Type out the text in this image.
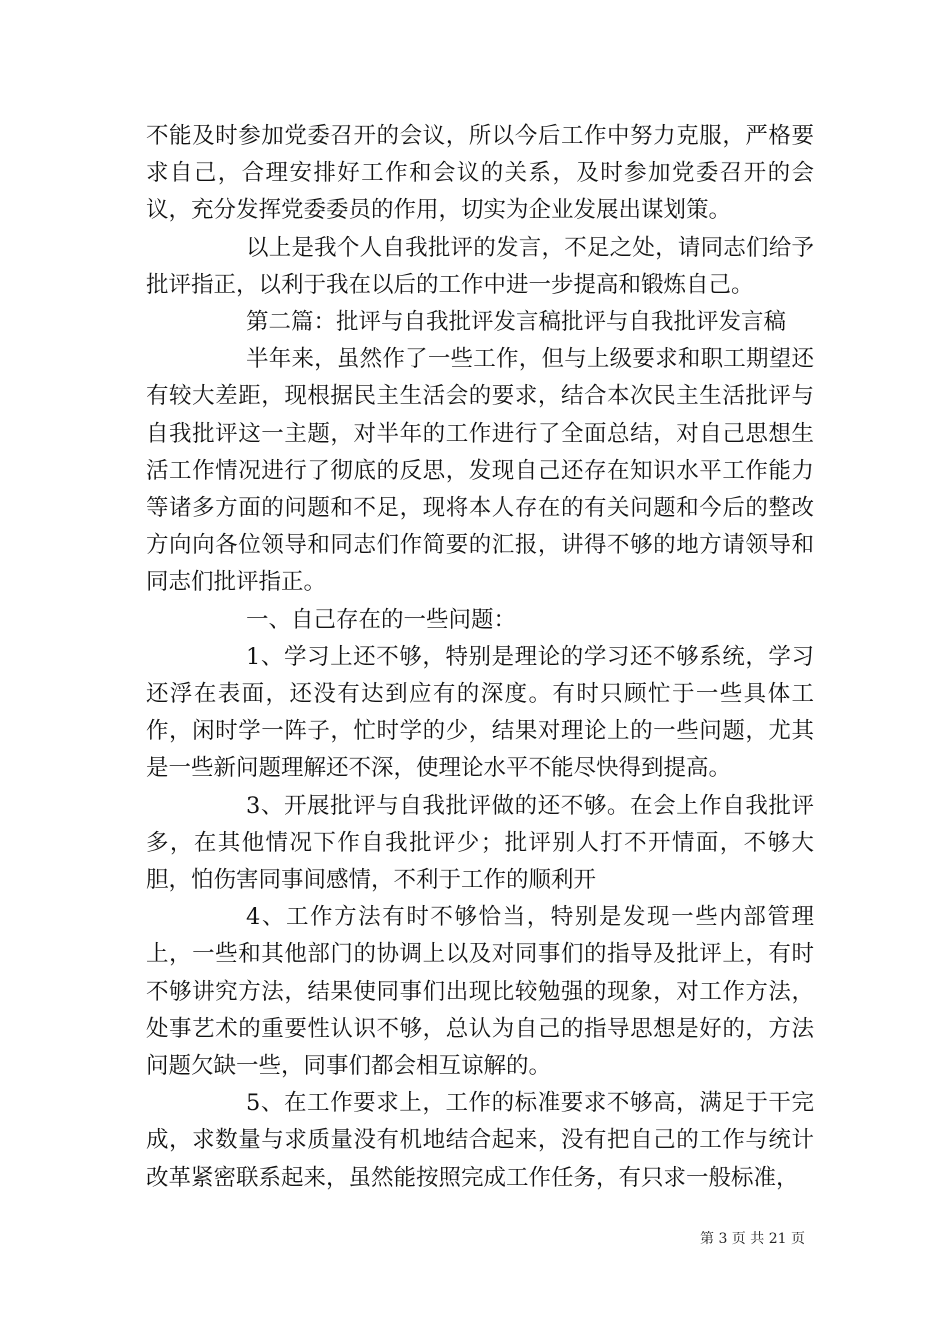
不能及时参加党委召开的会议，所以今后工作中努力克服，严格要求自己，合理安排好工作和会议的关系，及时参加党委召开的会议，充分发挥党委委员的作用，切实为企业发展出谋划策。

以上是我个人自我批评的发言，不足之处，请同志们给予批评指正，以利于我在以后的工作中进一步提高和锻炼自己。

第二篇：批评与自我批评发言稿批评与自我批评发言稿

半年来，虽然作了一些工作，但与上级要求和职工期望还有较大差距，现根据民主生活会的要求，结合本次民主生活批评与自我批评这一主题，对半年的工作进行了全面总结，对自己思想生活工作情况进行了彻底的反思，发现自己还存在知识水平工作能力等诸多方面的问题和不足，现将本人存在的有关问题和今后的整改方向向各位领导和同志们作简要的汇报，讲得不够的地方请领导和同志们批评指正。

一、自己存在的一些问题：

1、学习上还不够，特别是理论的学习还不够系统，学习还浮在表面，还没有达到应有的深度。有时只顾忙于一些具体工作，闲时学一阵子，忙时学的少，结果对理论上的一些问题，尤其是一些新问题理解还不深，使理论水平不能尽快得到提高。

3、开展批评与自我批评做的还不够。在会上作自我批评多，在其他情况下作自我批评少；批评别人打不开情面，不够大胆，怕伤害同事间感情，不利于工作的顺利开

4、工作方法有时不够恰当，特别是发现一些内部管理上，一些和其他部门的协调上以及对同事们的指导及批评上，有时不够讲究方法，结果使同事们出现比较勉强的现象，对工作方法，处事艺术的重要性认识不够，总认为自己的指导思想是好的，方法问题欠缺一些，同事们都会相互谅解的。

5、在工作要求上，工作的标准要求不够高，满足于干完成，求数量与求质量没有机地结合起来，没有把自己的工作与统计改革紧密联系起来，虽然能按照完成工作任务，有只求一般标准，

第 3 页 共 21 页
